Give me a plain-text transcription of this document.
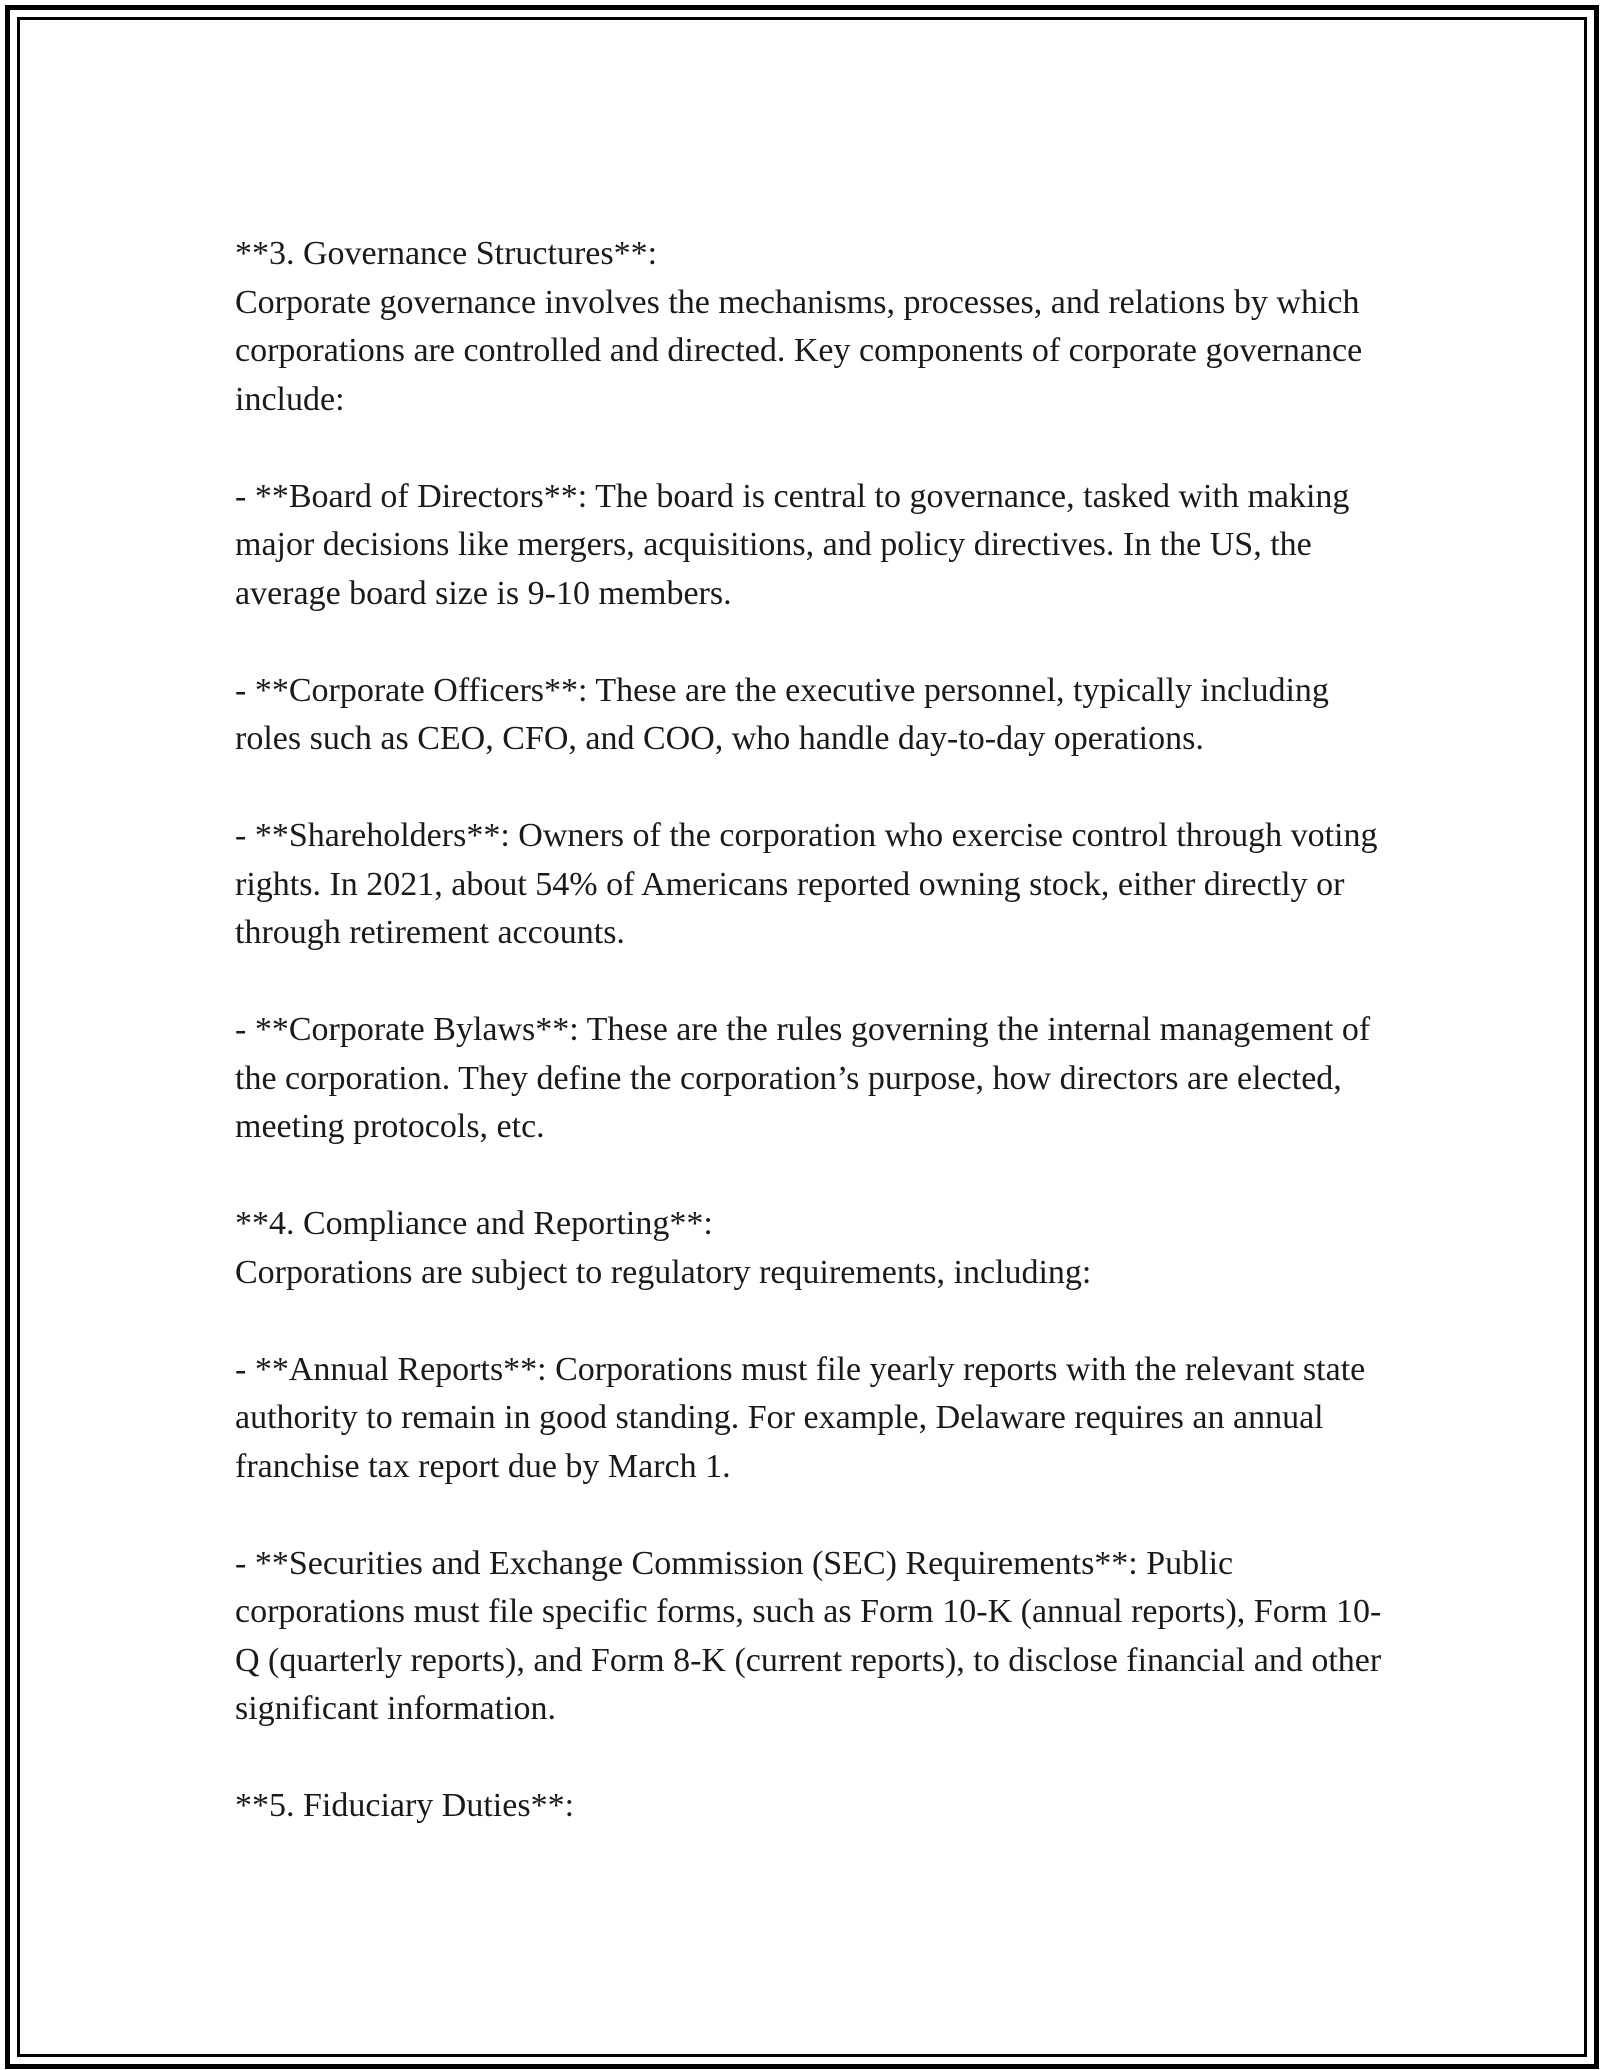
**3. Governance Structures**:

Corporate governance involves the mechanisms, processes, and relations by which corporations are controlled and directed. Key components of corporate governance include:

- **Board of Directors**: The board is central to governance, tasked with making major decisions like mergers, acquisitions, and policy directives. In the US, the average board size is 9-10 members.

- **Corporate Officers**: These are the executive personnel, typically including roles such as CEO, CFO, and COO, who handle day-to-day operations.

- **Shareholders**: Owners of the corporation who exercise control through voting rights. In 2021, about 54% of Americans reported owning stock, either directly or through retirement accounts.

- **Corporate Bylaws**: These are the rules governing the internal management of the corporation. They define the corporation’s purpose, how directors are elected, meeting protocols, etc.

**4. Compliance and Reporting**:

Corporations are subject to regulatory requirements, including:

- **Annual Reports**: Corporations must file yearly reports with the relevant state authority to remain in good standing. For example, Delaware requires an annual franchise tax report due by March 1.

- **Securities and Exchange Commission (SEC) Requirements**: Public corporations must file specific forms, such as Form 10-K (annual reports), Form 10-Q (quarterly reports), and Form 8-K (current reports), to disclose financial and other significant information.

**5. Fiduciary Duties**:
